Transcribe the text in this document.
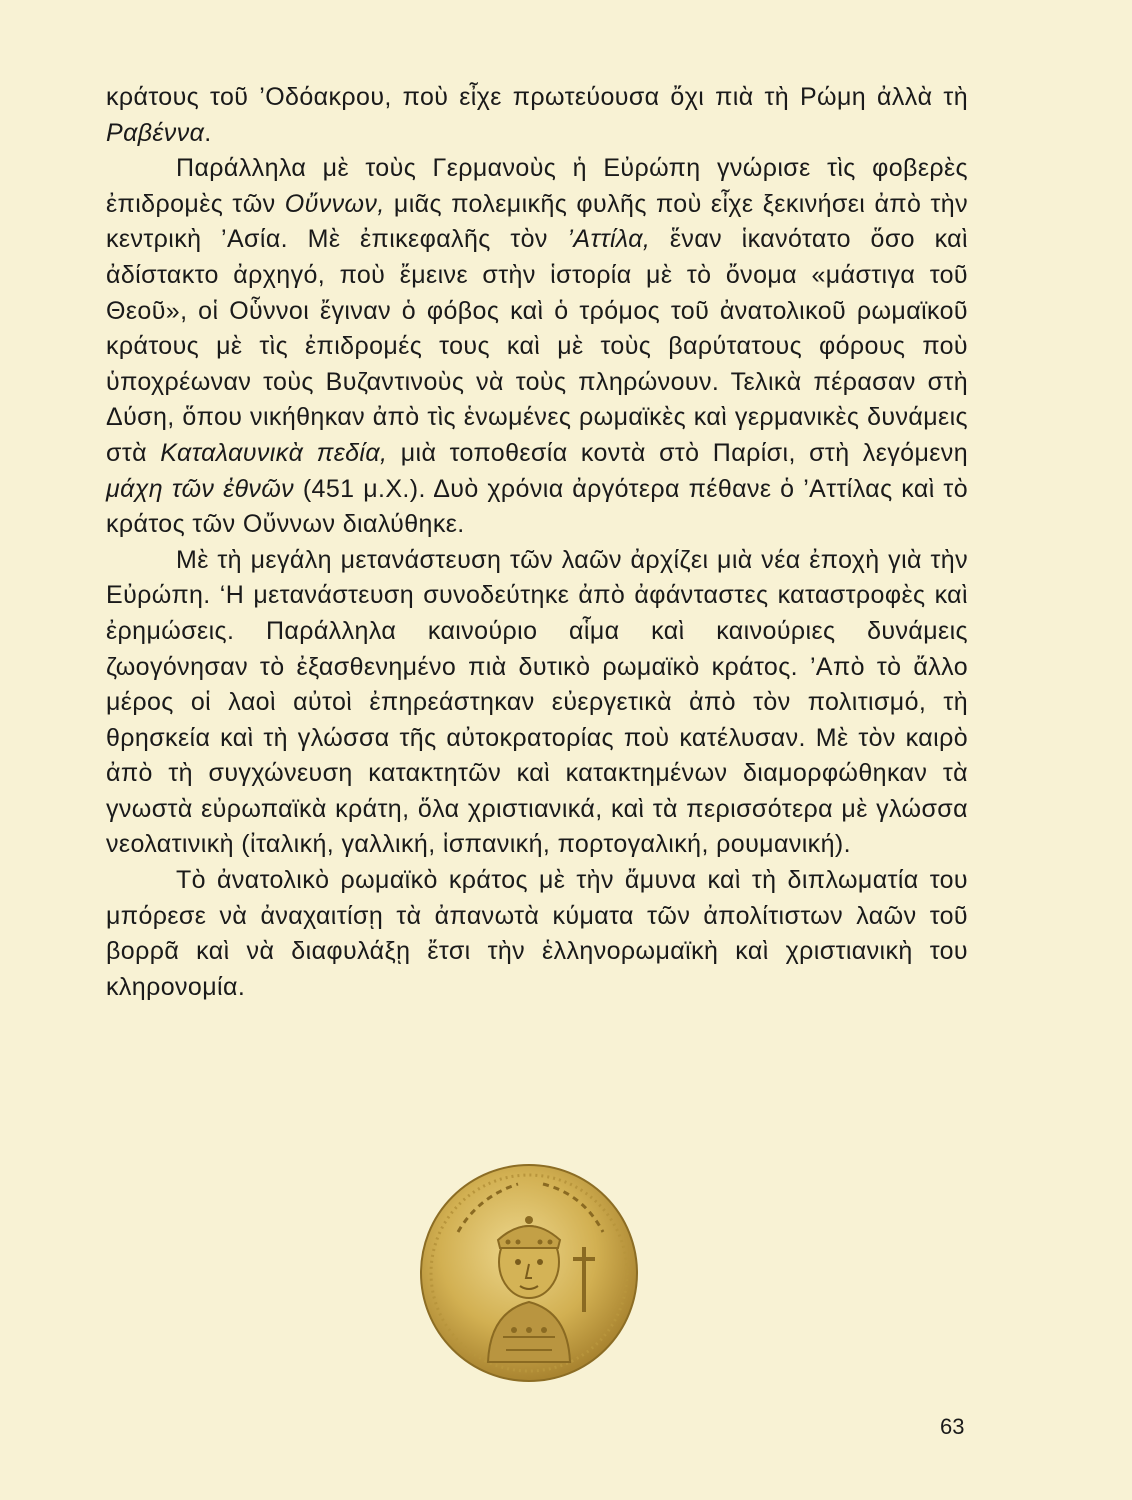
κράτους τοῦ ’Οδόακρου, ποὺ εἶχε πρωτεύουσα ὄχι πιὰ τὴ Ρώμη ἀλλὰ τὴ Ραβέννα.

Παράλληλα μὲ τοὺς Γερμανοὺς ἡ Εὐρώπη γνώρισε τὶς φοβερὲς ἐπιδρομὲς τῶν Οὔννων, μιᾶς πολεμικῆς φυλῆς ποὺ εἶχε ξεκινήσει ἀπὸ τὴν κεντρικὴ ’Ασία. Μὲ ἐπικεφαλῆς τὸν ’Αττίλα, ἕναν ἱκανότατο ὅσο καὶ ἀδίστακτο ἀρχηγό, ποὺ ἔμεινε στὴν ἱστορία μὲ τὸ ὄνομα «μάστιγα τοῦ Θεοῦ», οἱ Οὗννοι ἔγιναν ὁ φόβος καὶ ὁ τρόμος τοῦ ἀνατολικοῦ ρωμαϊκοῦ κράτους μὲ τὶς ἐπιδρομές τους καὶ μὲ τοὺς βαρύτατους φόρους ποὺ ὑποχρέωναν τοὺς Βυζαντινοὺς νὰ τοὺς πληρώνουν. Τελικὰ πέρασαν στὴ Δύση, ὅπου νικήθηκαν ἀπὸ τὶς ἑνωμένες ρωμαϊκὲς καὶ γερμανικὲς δυνάμεις στὰ Καταλαυνικὰ πεδία, μιὰ τοποθεσία κοντὰ στὸ Παρίσι, στὴ λεγόμενη μάχη τῶν ἐθνῶν (451 μ.Χ.). Δυὸ χρόνια ἀργότερα πέθανε ὁ ’Αττίλας καὶ τὸ κράτος τῶν Οὔννων διαλύθηκε.

Μὲ τὴ μεγάλη μετανάστευση τῶν λαῶν ἀρχίζει μιὰ νέα ἐποχὴ γιὰ τὴν Εὐρώπη. ‘Η μετανάστευση συνοδεύτηκε ἀπὸ ἀφάνταστες καταστροφὲς καὶ ἐρημώσεις. Παράλληλα καινούριο αἷμα καὶ καινούριες δυνάμεις ζωογόνησαν τὸ ἐξασθενημένο πιὰ δυτικὸ ρωμαϊκὸ κράτος. ’Απὸ τὸ ἄλλο μέρος οἱ λαοὶ αὐτοὶ ἐπηρεάστηκαν εὐεργετικὰ ἀπὸ τὸν πολιτισμό, τὴ θρησκεία καὶ τὴ γλώσσα τῆς αὐτοκρατορίας ποὺ κατέλυσαν. Μὲ τὸν καιρὸ ἀπὸ τὴ συγχώνευση κατακτητῶν καὶ κατακτημένων διαμορφώθηκαν τὰ γνωστὰ εὐρωπαϊκὰ κράτη, ὅλα χριστιανικά, καὶ τὰ περισσότερα μὲ γλώσσα νεολατινικὴ (ἰταλική, γαλλική, ἱσπανική, πορτογαλική, ρουμανική).

Τὸ ἀνατολικὸ ρωμαϊκὸ κράτος μὲ τὴν ἄμυνα καὶ τὴ διπλωματία του μπόρεσε νὰ ἀναχαιτίσῃ τὰ ἀπανωτὰ κύματα τῶν ἀπολίτιστων λαῶν τοῦ βορρᾶ καὶ νὰ διαφυλάξῃ ἔτσι τὴν ἑλληνορωμαϊκὴ καὶ χριστιανικὴ του κληρονομία.

63
